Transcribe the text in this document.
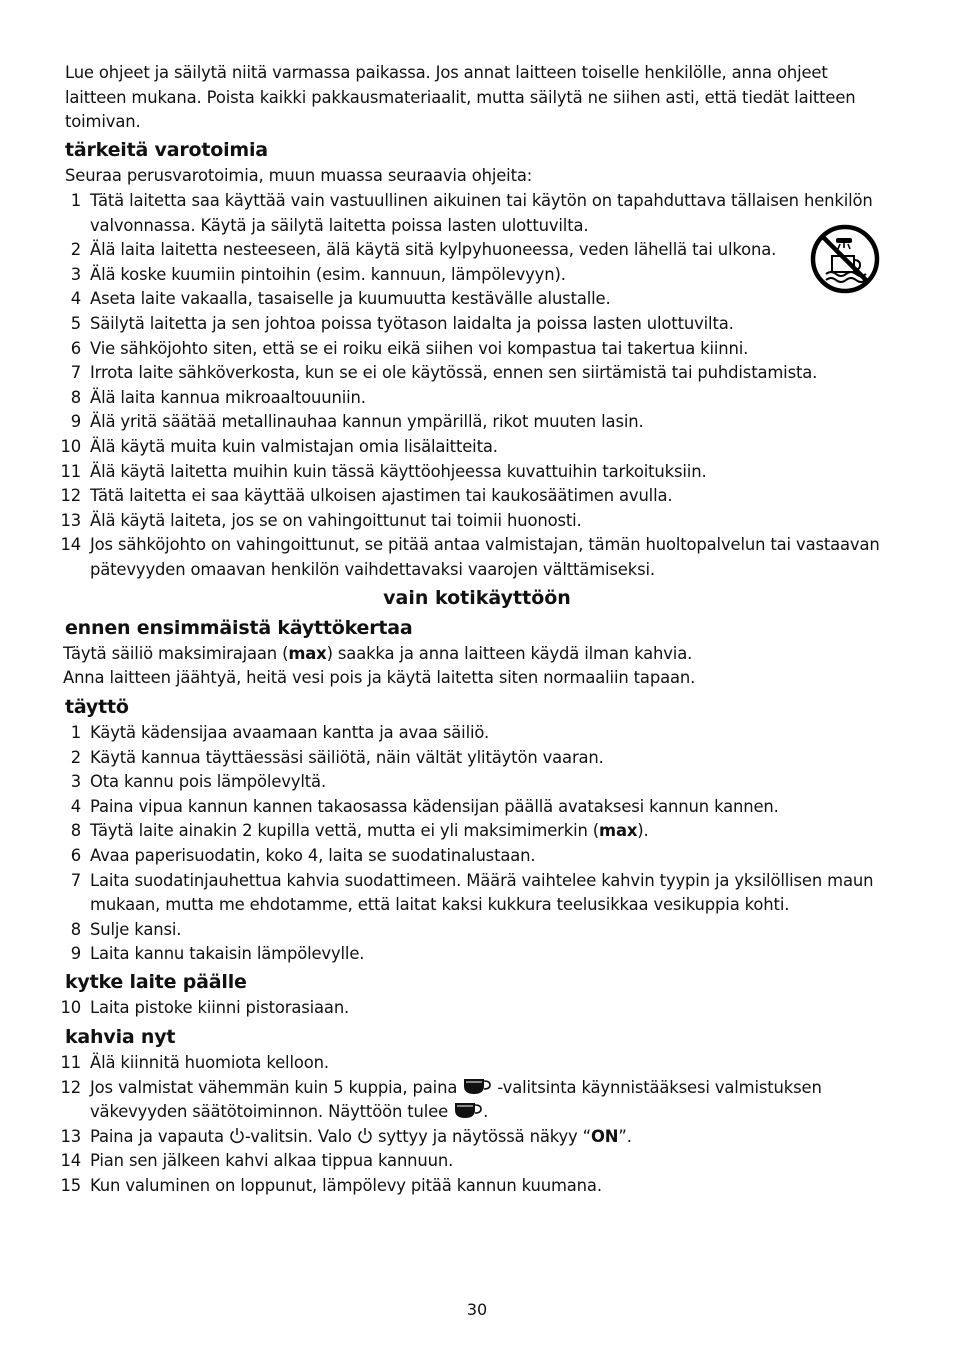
Lue ohjeet ja säilytä niitä varmassa paikassa. Jos annat laitteen toiselle henkilölle, anna ohjeet laitteen mukana. Poista kaikki pakkausmateriaalit, mutta säilytä ne siihen asti, että tiedät laitteen toimivan.
tärkeitä varotoimia
Seuraa perusvarotoimia, muun muassa seuraavia ohjeita:
1 Tätä laitetta saa käyttää vain vastuullinen aikuinen tai käytön on tapahduttava tällaisen henkilön valvonnassa. Käytä ja säilytä laitetta poissa lasten ulottuvilta.
2 Älä laita laitetta nesteeseen, älä käytä sitä kylpyhuoneessa, veden lähellä tai ulkona.
3 Älä koske kuumiin pintoihin (esim. kannuun, lämpölevyyn).
4 Aseta laite vakaalla, tasaiselle ja kuumuutta kestävälle alustalle.
5 Säilytä laitetta ja sen johtoa poissa työtason laidalta ja poissa lasten ulottuvilta.
6 Vie sähköjohto siten, että se ei roiku eikä siihen voi kompastua tai takertua kiinni.
7 Irrota laite sähköverkosta, kun se ei ole käytössä, ennen sen siirtämistä tai puhdistamista.
8 Älä laita kannua mikroaaltouuniin.
9 Älä yritä säätää metallinauhaa kannun ympärillä, rikot muuten lasin.
10 Älä käytä muita kuin valmistajan omia lisälaitteita.
11 Älä käytä laitetta muihin kuin tässä käyttöohjeessa kuvattuihin tarkoituksiin.
12 Tätä laitetta ei saa käyttää ulkoisen ajastimen tai kaukosäätimen avulla.
13 Älä käytä laiteta, jos se on vahingoittunut tai toimii huonosti.
14 Jos sähköjohto on vahingoittunut, se pitää antaa valmistajan, tämän huoltopalvelun tai vastaavan pätevyyden omaavan henkilön vaihdettavaksi vaarojen välttämiseksi.
vain kotikäyttöön
ennen ensimmäistä käyttökertaa
Täytä säiliö maksimirajaan (max) saakka ja anna laitteen käydä ilman kahvia.
Anna laitteen jäähtyä, heitä vesi pois ja käytä laitetta siten normaaliin tapaan.
täyttö
1 Käytä kädensijaa avaamaan kantta ja avaa säiliö.
2 Käytä kannua täyttäessäsi säiliötä, näin vältät ylitäytön vaaran.
3 Ota kannu pois lämpölevyltä.
4 Paina vipua kannun kannen takaosassa kädensijan päällä avataksesi kannun kannen.
8 Täytä laite ainakin 2 kupilla vettä, mutta ei yli maksimimerkin (max).
6 Avaa paperisuodatin, koko 4, laita se suodatinalustaan.
7 Laita suodatinjauhettua kahvia suodattimeen. Määrä vaihtelee kahvin tyypin ja yksilöllisen maun mukaan, mutta me ehdotamme, että laitat kaksi kukkura teelusikkaa vesikuppia kohti.
8 Sulje kansi.
9 Laita kannu takaisin lämpölevylle.
kytke laite päälle
10 Laita pistoke kiinni pistorasiaan.
kahvia nyt
11 Älä kiinnitä huomiota kelloon.
12 Jos valmistat vähemmän kuin 5 kuppia, paina -valitsinta käynnistääksesi valmistuksen väkevyyden säätötoiminnon. Näyttöön tulee .
13 Paina ja vapauta -valitsin. Valo syttyy ja näytössä näkyy “ON”.
14 Pian sen jälkeen kahvi alkaa tippua kannuun.
15 Kun valuminen on loppunut, lämpölevy pitää kannun kuumana.
30
